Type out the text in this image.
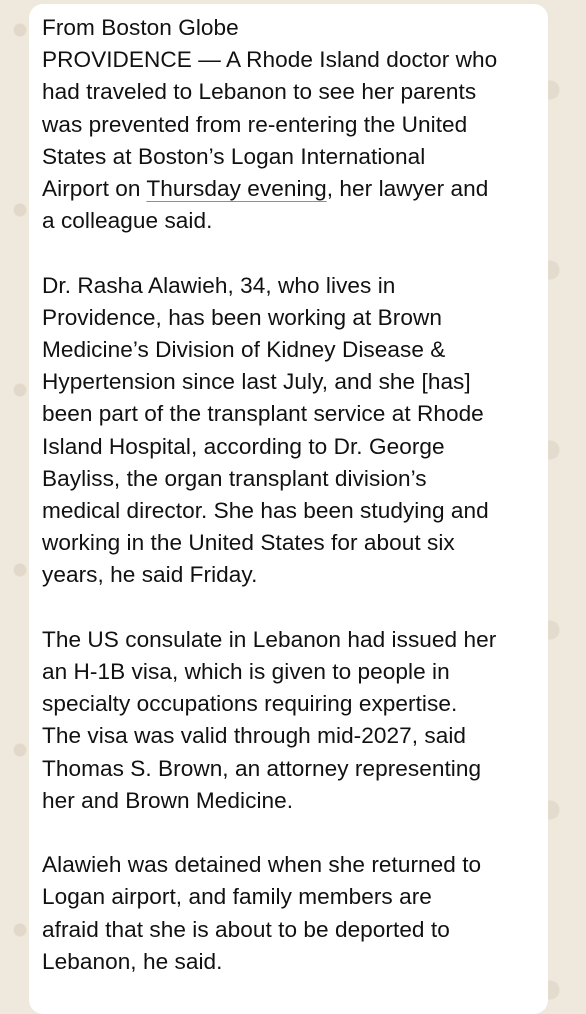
From Boston Globe
PROVIDENCE — A Rhode Island doctor who
had traveled to Lebanon to see her parents
was prevented from re-entering the United
States at Boston’s Logan International
Airport on Thursday evening, her lawyer and
a colleague said.
Dr. Rasha Alawieh, 34, who lives in
Providence, has been working at Brown
Medicine’s Division of Kidney Disease &
Hypertension since last July, and she [has]
been part of the transplant service at Rhode
Island Hospital, according to Dr. George
Bayliss, the organ transplant division’s
medical director. She has been studying and
working in the United States for about six
years, he said Friday.
The US consulate in Lebanon had issued her
an H-1B visa, which is given to people in
specialty occupations requiring expertise.
The visa was valid through mid-2027, said
Thomas S. Brown, an attorney representing
her and Brown Medicine.
Alawieh was detained when she returned to
Logan airport, and family members are
afraid that she is about to be deported to
Lebanon, he said.
